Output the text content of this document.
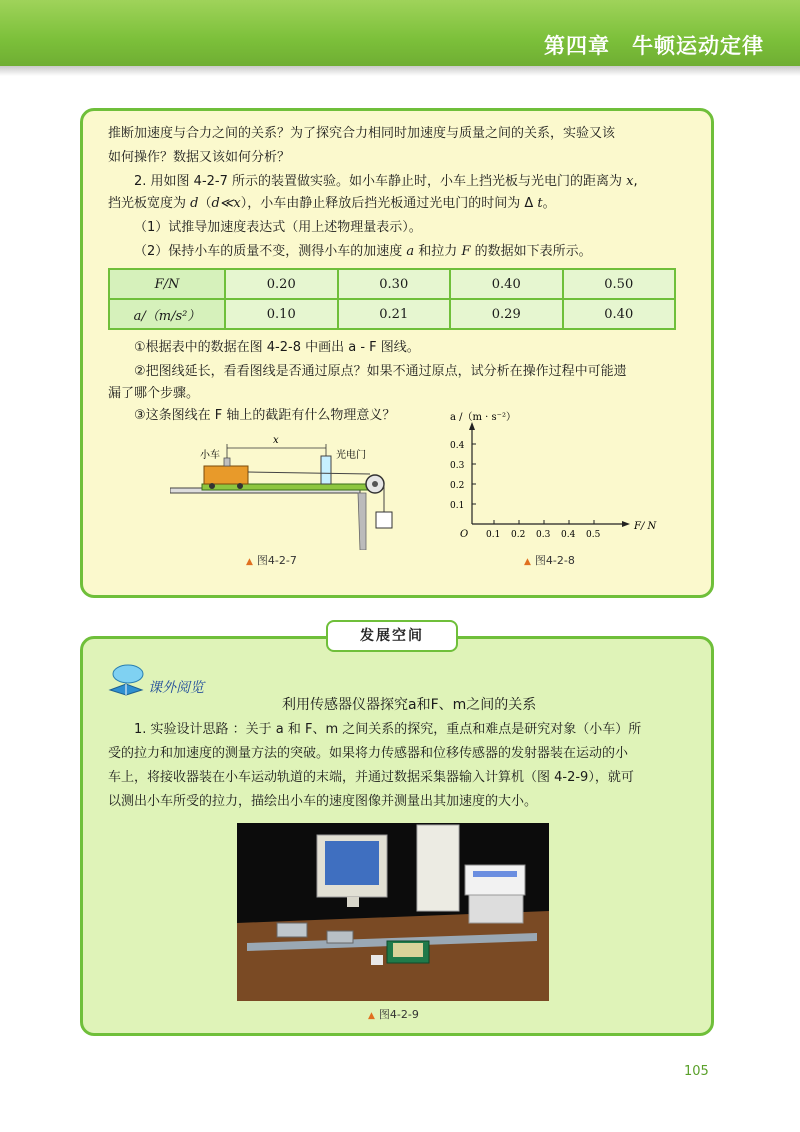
第四章　牛顿运动定律
推断加速度与合力之间的关系？为了探究合力相同时加速度与质量之间的关系，实验又该
如何操作？数据又该如何分析？
2. 用如图 4-2-7 所示的装置做实验。如小车静止时，小车上挡光板与光电门的距离为 x,
挡光板宽度为 d（d≪x），小车由静止释放后挡光板通过光电门的时间为 Δ t。
（1）试推导加速度表达式（用上述物理量表示）。
（2）保持小车的质量不变，测得小车的加速度 a 和拉力 F 的数据如下表所示。
F/N	0.20	0.30	0.40	0.50
a/（m/s²）	0.10	0.21	0.29	0.40
①根据表中的数据在图 4-2-8 中画出 a - F 图线。
②把图线延长，看看图线是否通过原点？如果不通过原点，试分析在操作过程中可能遗
漏了哪个步骤。
③这条图线在 F 轴上的截距有什么物理意义？
x
小车	光电门
▲ 图4-2-7
a /（m · s⁻²）
F/ N
O
0.4
0.3
0.2
0.1
0.1 0.2 0.3 0.4 0.5
▲ 图4-2-8
发展空间
课外阅览
利用传感器仪器探究a和F、m之间的关系
1. 实验设计思路 ：关于 a 和 F、m 之间关系的探究，重点和难点是研究对象（小车）所
受的拉力和加速度的测量方法的突破。如果将力传感器和位移传感器的发射器装在运动的小
车上，将接收器装在小车运动轨道的末端，并通过数据采集器输入计算机（图 4-2-9），就可
以测出小车所受的拉力，描绘出小车的速度图像并测量出其加速度的大小。
▲ 图4-2-9
105
